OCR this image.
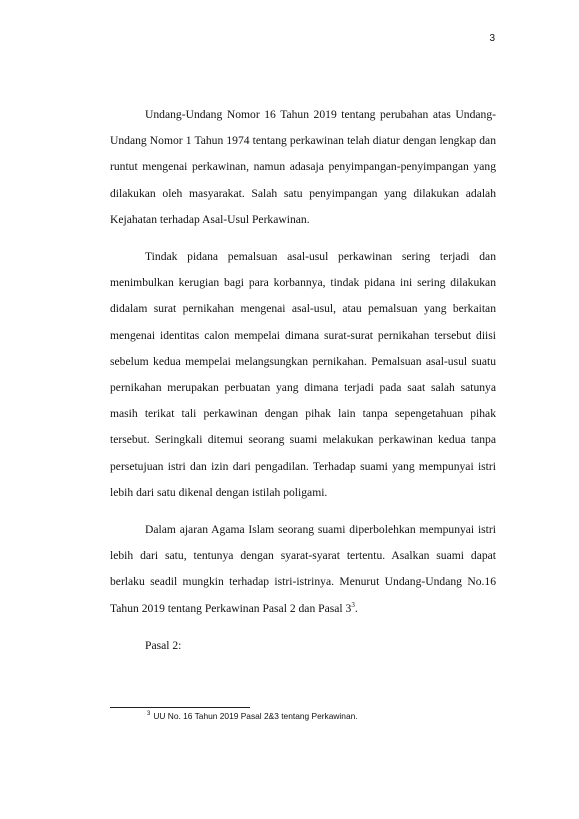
3

Undang-Undang Nomor 16 Tahun 2019 tentang perubahan atas Undang-Undang Nomor 1 Tahun 1974 tentang perkawinan telah diatur dengan lengkap dan runtut mengenai perkawinan, namun adasaja penyimpangan-penyimpangan yang dilakukan oleh masyarakat. Salah satu penyimpangan yang dilakukan adalah Kejahatan terhadap Asal-Usul Perkawinan.

Tindak pidana pemalsuan asal-usul perkawinan sering terjadi dan menimbulkan kerugian bagi para korbannya, tindak pidana ini sering dilakukan didalam surat pernikahan mengenai asal-usul, atau pemalsuan yang berkaitan mengenai identitas calon mempelai dimana surat-surat pernikahan tersebut diisi sebelum kedua mempelai melangsungkan pernikahan. Pemalsuan asal-usul suatu pernikahan merupakan perbuatan yang dimana terjadi pada saat salah satunya masih terikat tali perkawinan dengan pihak lain tanpa sepengetahuan pihak tersebut. Seringkali ditemui seorang suami melakukan perkawinan kedua tanpa persetujuan istri dan izin dari pengadilan. Terhadap suami yang mempunyai istri lebih dari satu dikenal dengan istilah poligami.

Dalam ajaran Agama Islam seorang suami diperbolehkan mempunyai istri lebih dari satu, tentunya dengan syarat-syarat tertentu. Asalkan suami dapat berlaku seadil mungkin terhadap istri-istrinya. Menurut Undang-Undang No.16 Tahun 2019 tentang Perkawinan Pasal 2 dan Pasal $3^3$.

Pasal 2:

$^3$ UU No. 16 Tahun 2019 Pasal 2&3 tentang Perkawinan.
